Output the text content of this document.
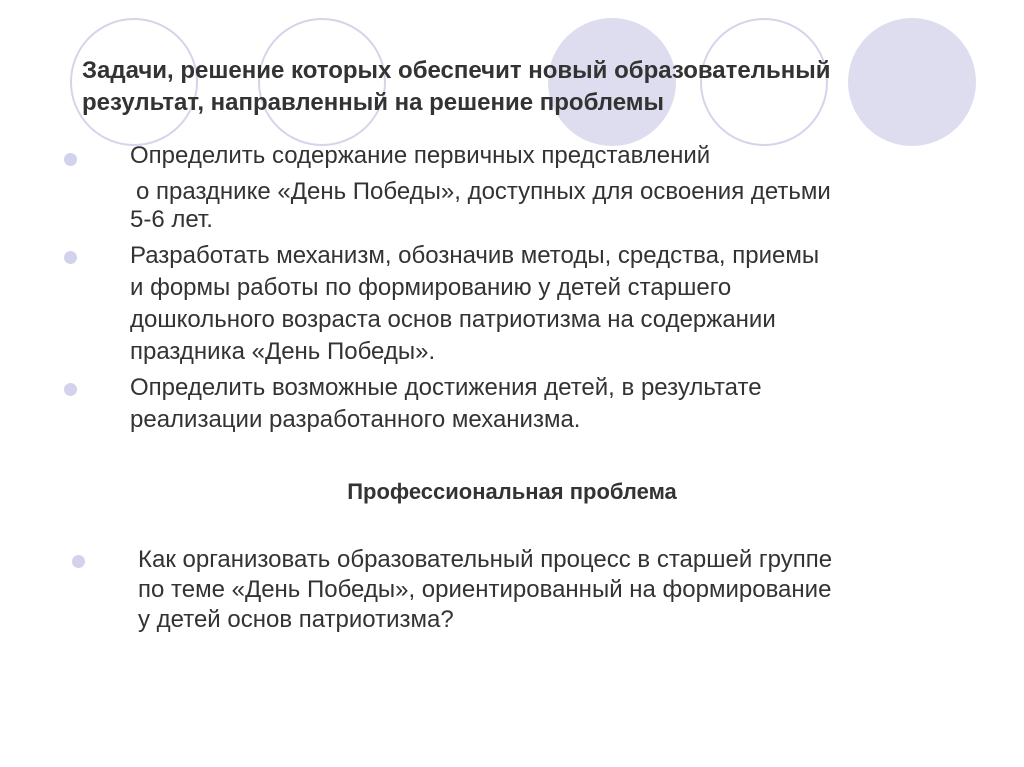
Задачи, решение которых обеспечит новый образовательный
результат, направленный на решение проблемы
Определить содержание первичных представлений
о празднике «День Победы», доступных для освоения детьми
5-6 лет.
Разработать механизм, обозначив методы, средства, приемы
и формы работы по формированию у детей старшего
дошкольного возраста основ патриотизма на содержании
праздника «День Победы».
Определить возможные достижения детей, в результате
реализации разработанного механизма.
Профессиональная проблема
Как организовать образовательный процесс в старшей группе
по теме «День Победы», ориентированный на формирование
у детей основ патриотизма?
